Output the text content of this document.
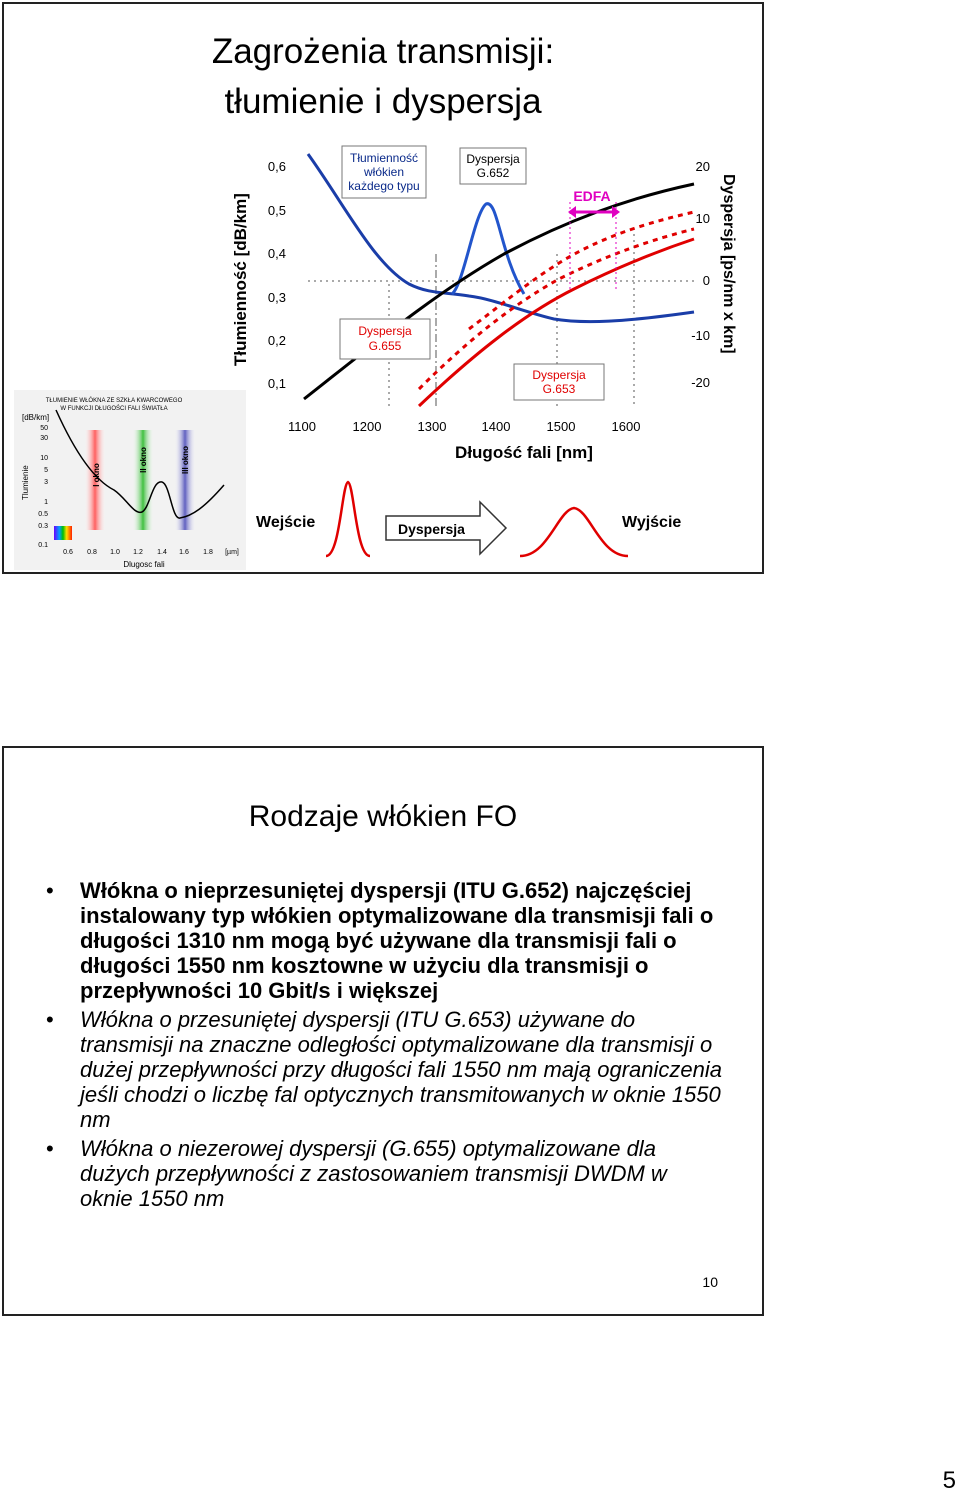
Zagrożenia transmisji:
tłumienie i dyspersja
Tłumienność [dB/km]	Dyspersja [ps/nm x km]
0,6
0,5
0,4
0,3
0,2
0,1
20
10
0
-10
-20
1100	1200	1300	1400	1500	1600
Długość fali [nm]
EDFA
Tłumienność
włókien
każdego typu
Dyspersja
G.652
Dyspersja
G.655
Dyspersja
G.653
TŁUMIENIE WŁÓKNA ZE SZKŁA KWARCOWEGO
W FUNKCJI DŁUGOŚCI FALI ŚWIATŁA
[dB/km]
Tlumienie
50
30
10
5
3
1
0.5
0.3
0.1
0.6 0.8 1.0 1.2 1.4 1.6 1.8 [µm]
Dlugosc fali
I okno
II okno	III okno
Wejście	Dyspersja	Wyjście
Rodzaje włókien FO
• Włókna o nieprzesuniętej dyspersji (ITU G.652) najczęściej instalowany typ włókien optymalizowane dla transmisji fali o długości 1310 nm mogą być używane dla transmisji fali o długości 1550 nm kosztowne w użyciu dla transmisji o przepływności 10 Gbit/s i większej
• Włókna o przesuniętej dyspersji (ITU G.653) używane do transmisji na znaczne odległości optymalizowane dla transmisji o dużej przepływności przy długości fali 1550 nm mają ograniczenia jeśli chodzi o liczbę fal optycznych transmitowanych w oknie 1550 nm
• Włókna o niezerowej dyspersji (G.655) optymalizowane dla dużych przepływności z zastosowaniem transmisji DWDM w oknie 1550 nm
10
5
